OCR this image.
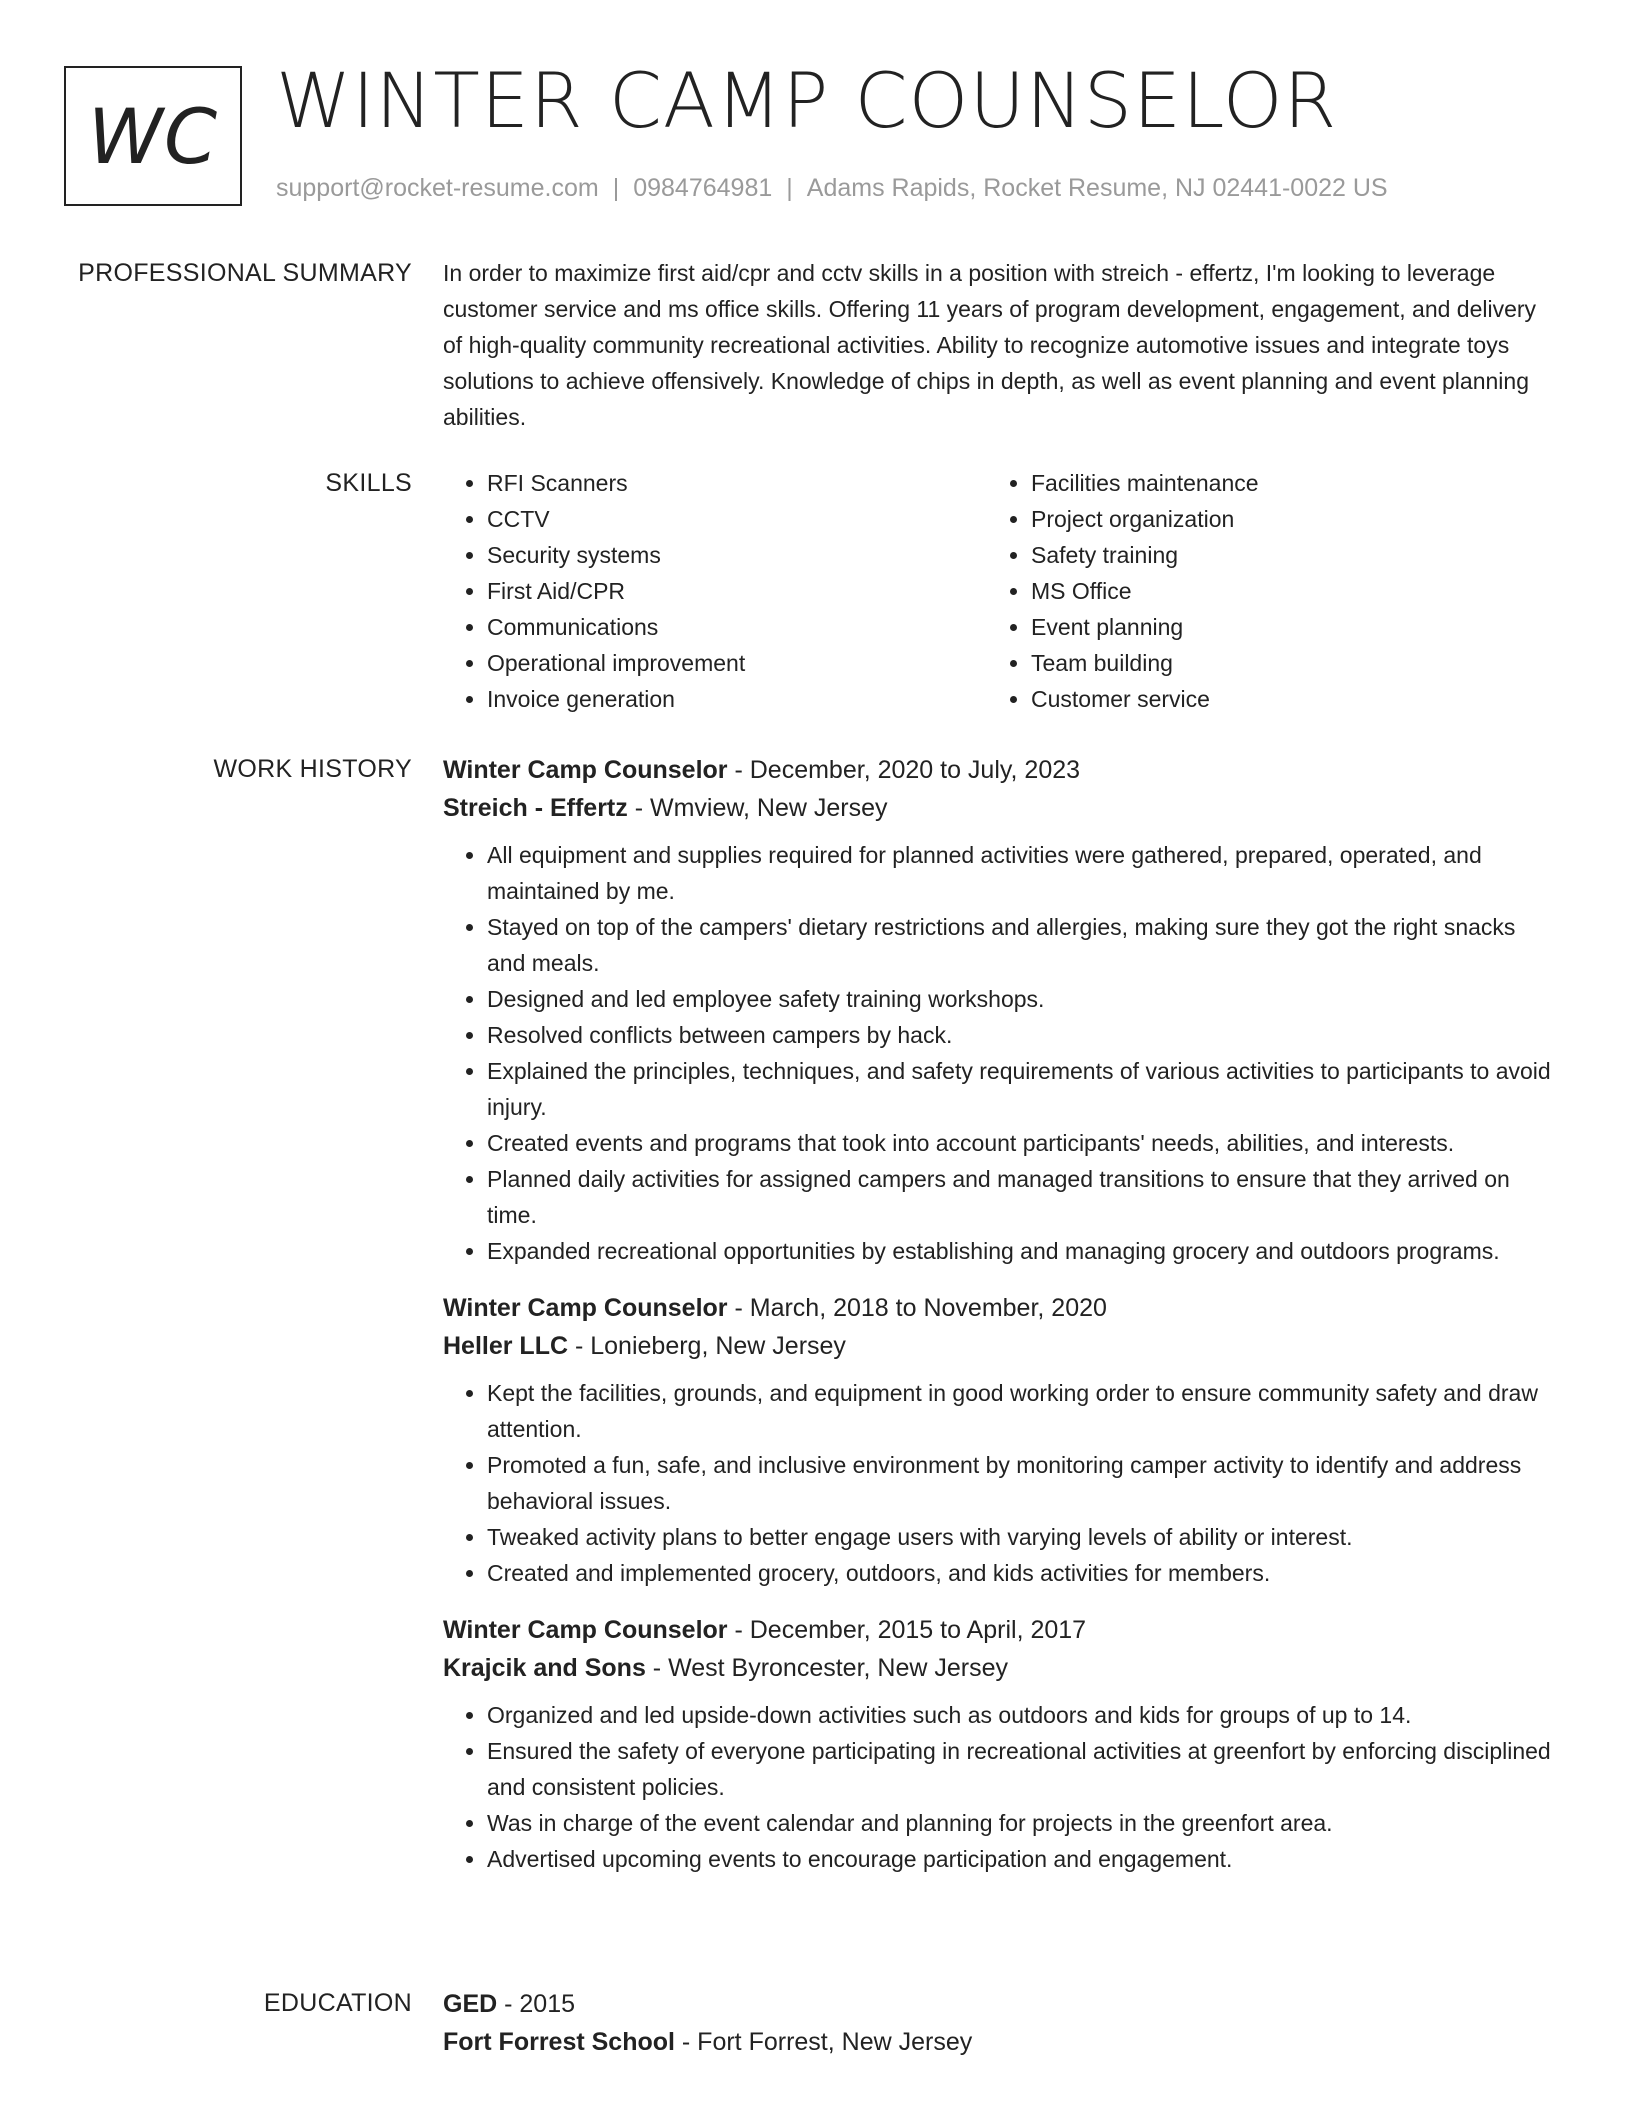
WC WINTER CAMP COUNSELOR
support@rocket-resume.com | 0984764981 | Adams Rapids, Rocket Resume, NJ 02441-0022 US
PROFESSIONAL SUMMARY In order to maximize first aid/cpr and cctv skills in a position with streich - effertz, I'm looking to leverage customer service and ms office skills. Offering 11 years of program development, engagement, and delivery of high-quality community recreational activities. Ability to recognize automotive issues and integrate toys solutions to achieve offensively. Knowledge of chips in depth, as well as event planning and event planning abilities.

SKILLS
•	RFI Scanners
• CCTV
• Security systems
• First Aid/CPR
• Communications
• Operational improvement
• Invoice generation
• Facilities maintenance
• Project organization
• Safety training
• MS Office
• Event planning
• Team building
• Customer service
WORK HISTORY Winter Camp Counselor - December, 2020 to July, 2023
Streich - Effertz - Wmview, New Jersey
• All equipment and supplies required for planned activities were gathered, prepared, operated, and maintained by me.
• Stayed on top of the campers' dietary restrictions and allergies, making sure they got the right snacks and meals.
• Designed and led employee safety training workshops.
• Resolved conflicts between campers by hack.
• Explained the principles, techniques, and safety requirements of various activities to participants to avoid injury.
• Created events and programs that took into account participants' needs, abilities, and interests.
• Planned daily activities for assigned campers and managed transitions to ensure that they arrived on time.
• Expanded recreational opportunities by establishing and managing grocery and outdoors programs.
Winter Camp Counselor - March, 2018 to November, 2020
Heller LLC - Lonieberg, New Jersey
• Kept the facilities, grounds, and equipment in good working order to ensure community safety and draw attention.
• Promoted a fun, safe, and inclusive environment by monitoring camper activity to identify and address behavioral issues.
• Tweaked activity plans to better engage users with varying levels of ability or interest.
• Created and implemented grocery, outdoors, and kids activities for members.
Winter Camp Counselor - December, 2015 to April, 2017
Krajcik and Sons - West Byroncester, New Jersey
• Organized and led upside-down activities such as outdoors and kids for groups of up to 14.
• Ensured the safety of everyone participating in recreational activities at greenfort by enforcing disciplined and consistent policies.
• Was in charge of the event calendar and planning for projects in the greenfort area.
• Advertised upcoming events to encourage participation and engagement.
EDUCATION GED - 2015
Fort Forrest School - Fort Forrest, New Jersey
